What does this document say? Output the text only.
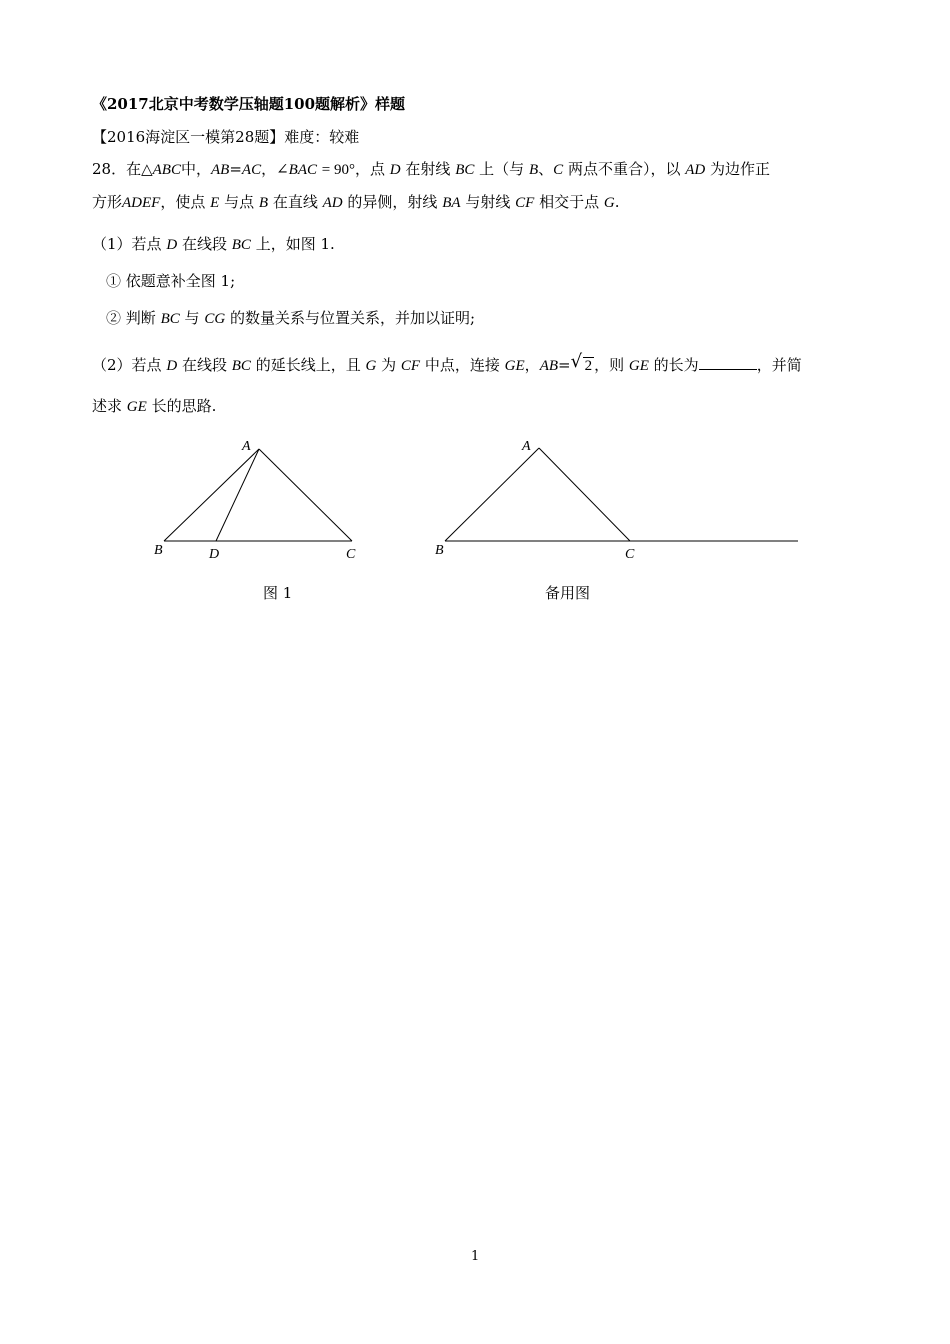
《2017北京中考数学压轴题100题解析》样题
【2016海淀区一模第28题】难度：较难
28．在△ABC中，AB=AC，∠BAC = 90°，点 D 在射线 BC 上（与 B、C 两点不重合），以 AD 为边作正
方形ADEF，使点 E 与点 B 在直线 AD 的异侧，射线 BA 与射线 CF 相交于点 G.
（1）若点 D 在线段 BC 上，如图 1.
① 依题意补全图 1;
② 判断 BC 与 CG 的数量关系与位置关系，并加以证明;
（2）若点 D 在线段 BC 的延长线上，且 G 为 CF 中点，连接 GE，AB= √ 2 ，则 GE 的长为	，并简
述求 GE 长的思路.
A
B	D	C
A
B	C
图 1	备用图
1
